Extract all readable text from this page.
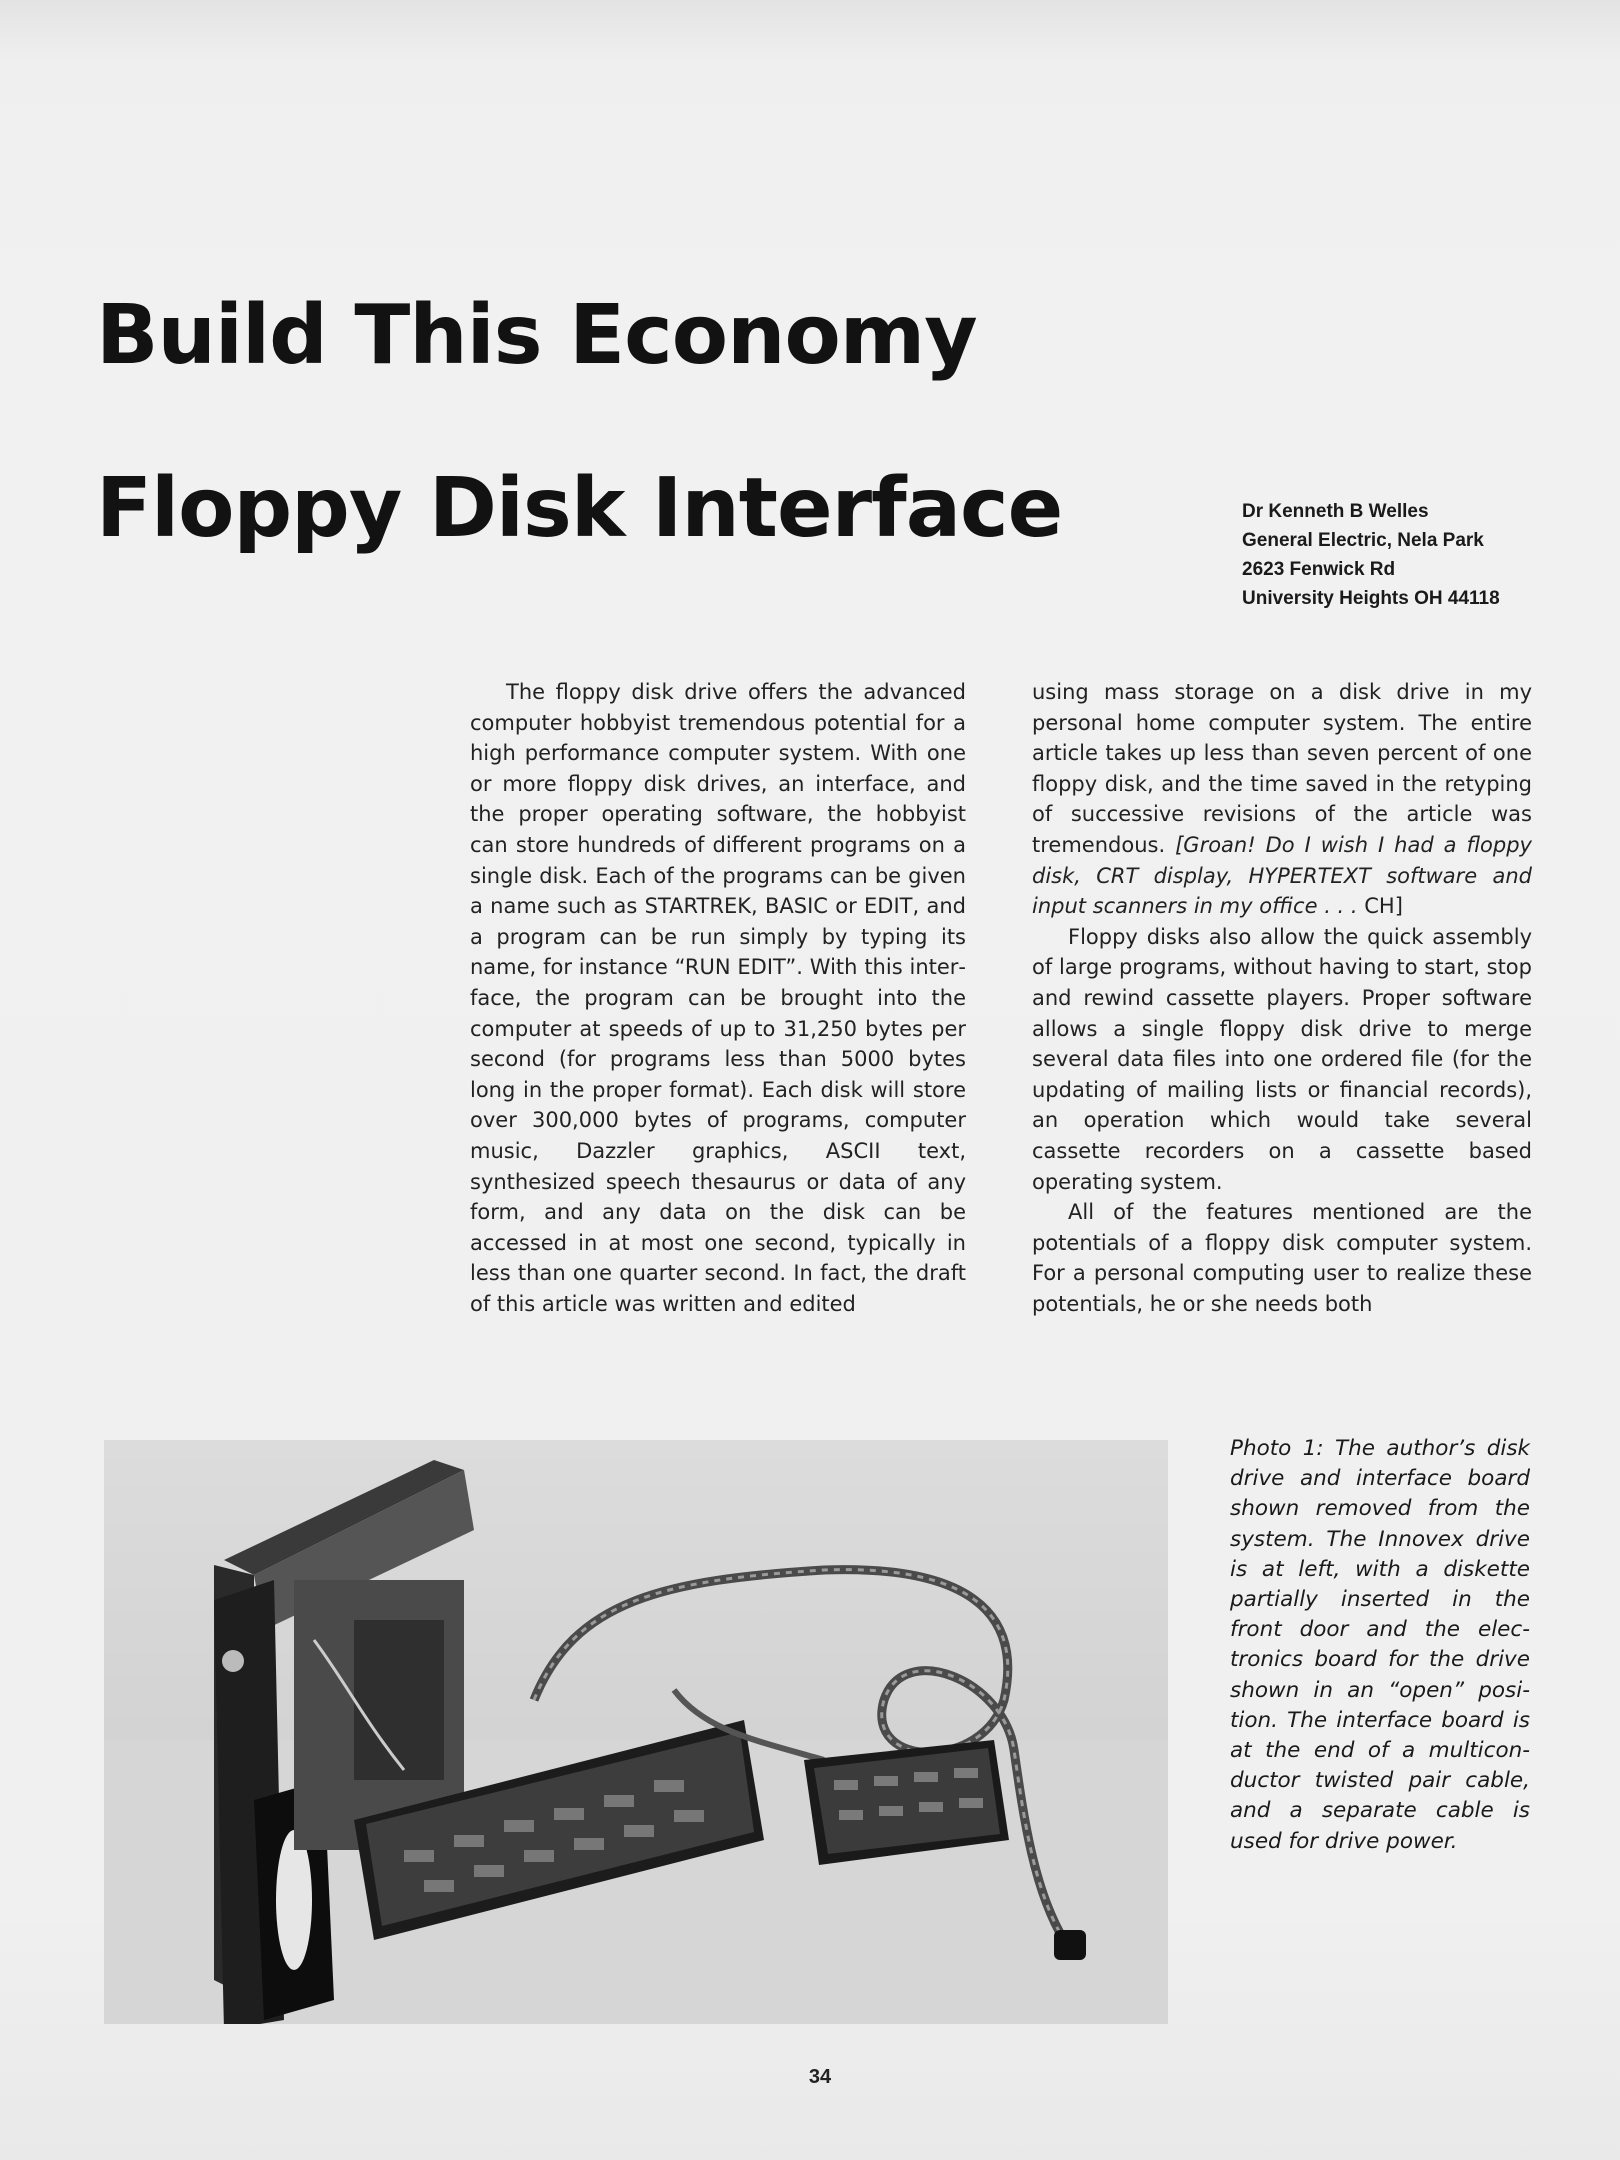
Build This Economy
Floppy Disk Interface	Dr Kenneth B Welles
General Electric, Nela Park
2623 Fenwick Rd
University Heights OH 44118

The floppy disk drive offers the advanced computer hobbyist tremendous potential for a high performance computer system. With one or more floppy disk drives, an interface, and the proper operating software, the hobbyist can store hundreds of different programs on a single disk. Each of the programs can be given a name such as STARTREK, BASIC or EDIT, and a program can be run simply by typing its name, for instance “RUN EDIT”. With this interface, the program can be brought into the computer at speeds of up to 31,250 bytes per second (for programs less than 5000 bytes long in the proper format). Each disk will store over 300,000 bytes of programs, computer music, Dazzler graphics, ASCII text, synthesized speech thesaurus or data of any form, and any data on the disk can be accessed in at most one second, typically in less than one quarter second. In fact, the draft of this article was written and edited

using mass storage on a disk drive in my personal home computer system. The entire article takes up less than seven percent of one floppy disk, and the time saved in the retyping of successive revisions of the article was tremendous. [Groan! Do I wish I had a floppy disk, CRT display, HYPERTEXT software and input scanners in my office . . . CH]

Floppy disks also allow the quick assembly of large programs, without having to start, stop and rewind cassette players. Proper software allows a single floppy disk drive to merge several data files into one ordered file (for the updating of mailing lists or financial records), an operation which would take several cassette recorders on a cassette based operating system.

All of the features mentioned are the potentials of a floppy disk computer system. For a personal computing user to realize these potentials, he or she needs both

Photo 1: The author’s disk drive and interface board shown removed from the system. The Innovex drive is at left, with a diskette partially inserted in the front door and the electronics board for the drive shown in an “open” position. The interface board is at the end of a multiconductor twisted pair cable, and a separate cable is used for drive power.
34
